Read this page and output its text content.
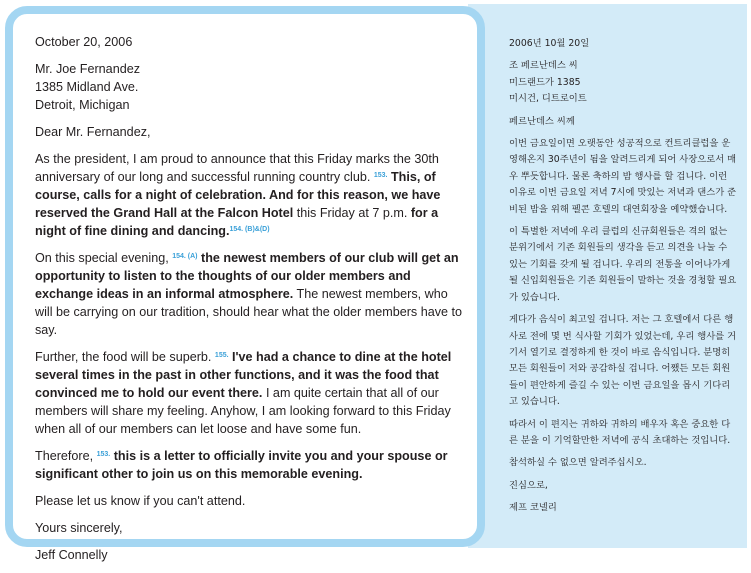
October 20, 2006

Mr. Joe Fernandez
1385 Midland Ave.
Detroit, Michigan

Dear Mr. Fernandez,

As the president, I am proud to announce that this Friday marks the 30th anniversary of our long and successful running country club. $^{153.}$ This, of course, calls for a night of celebration. And for this reason, we have reserved the Grand Hall at the Falcon Hotel this Friday at 7 p.m. for a night of fine dining and dancing.$^{154. (B)\&(D)}$

On this special evening, $^{154. (A)}$ the newest members of our club will get an opportunity to listen to the thoughts of our older members and exchange ideas in an informal atmosphere. The newest members, who will be carrying on our tradition, should hear what the older members have to say.

Further, the food will be superb. $^{155.}$ I've had a chance to dine at the hotel several times in the past in other functions, and it was the food that convinced me to hold our event there. I am quite certain that all of our members will share my feeling. Anyhow, I am looking forward to this Friday when all of our members can let loose and have some fun.

Therefore, $^{153.}$ this is a letter to officially invite you and your spouse or significant other to join us on this memorable evening.

Please let us know if you can't attend.

Yours sincerely,

Jeff Connelly

2006년 10월 20일

조 페르난데스 씨
미드랜드가 1385
미시건, 디트로이트

페르난데스 씨께

이번 금요일이면 오랫동안 성공적으로 컨트리클럽을 운영해온지 30주년이 됨을 알려드리게 되어 사장으로서 매우 뿌듯합니다. 물론 축하의 밤 행사를 할 겁니다. 이런 이유로 이번 금요일 저녁 7시에 맛있는 저녁과 댄스가 준비된 밤을 위해 펠콘 호텔의 대연회장을 예약했습니다.

이 특별한 저녁에 우리 클럽의 신규회원들은 격의 없는 분위기에서 기존 회원들의 생각을 듣고 의견을 나눌 수 있는 기회를 갖게 될 겁니다. 우리의 전통을 이어나가게 될 신입회원들은 기존 회원들이 말하는 것을 경청할 필요가 있습니다.

게다가 음식이 최고일 겁니다. 저는 그 호텔에서 다른 행사로 전에 몇 번 식사할 기회가 있었는데, 우리 행사를 거기서 열기로 결정하게 한 것이 바로 음식입니다. 분명히 모든 회원들이 저와 공감하실 겁니다. 어쨌든 모든 회원들이 편안하게 즐길 수 있는 이번 금요일을 몹시 기다리고 있습니다.

따라서 이 편지는 귀하와 귀하의 배우자 혹은 중요한 다른 분을 이 기억할만한 저녁에 공식 초대하는 것입니다.

참석하실 수 없으면 알려주십시오.

진심으로,

제프 코넬리
